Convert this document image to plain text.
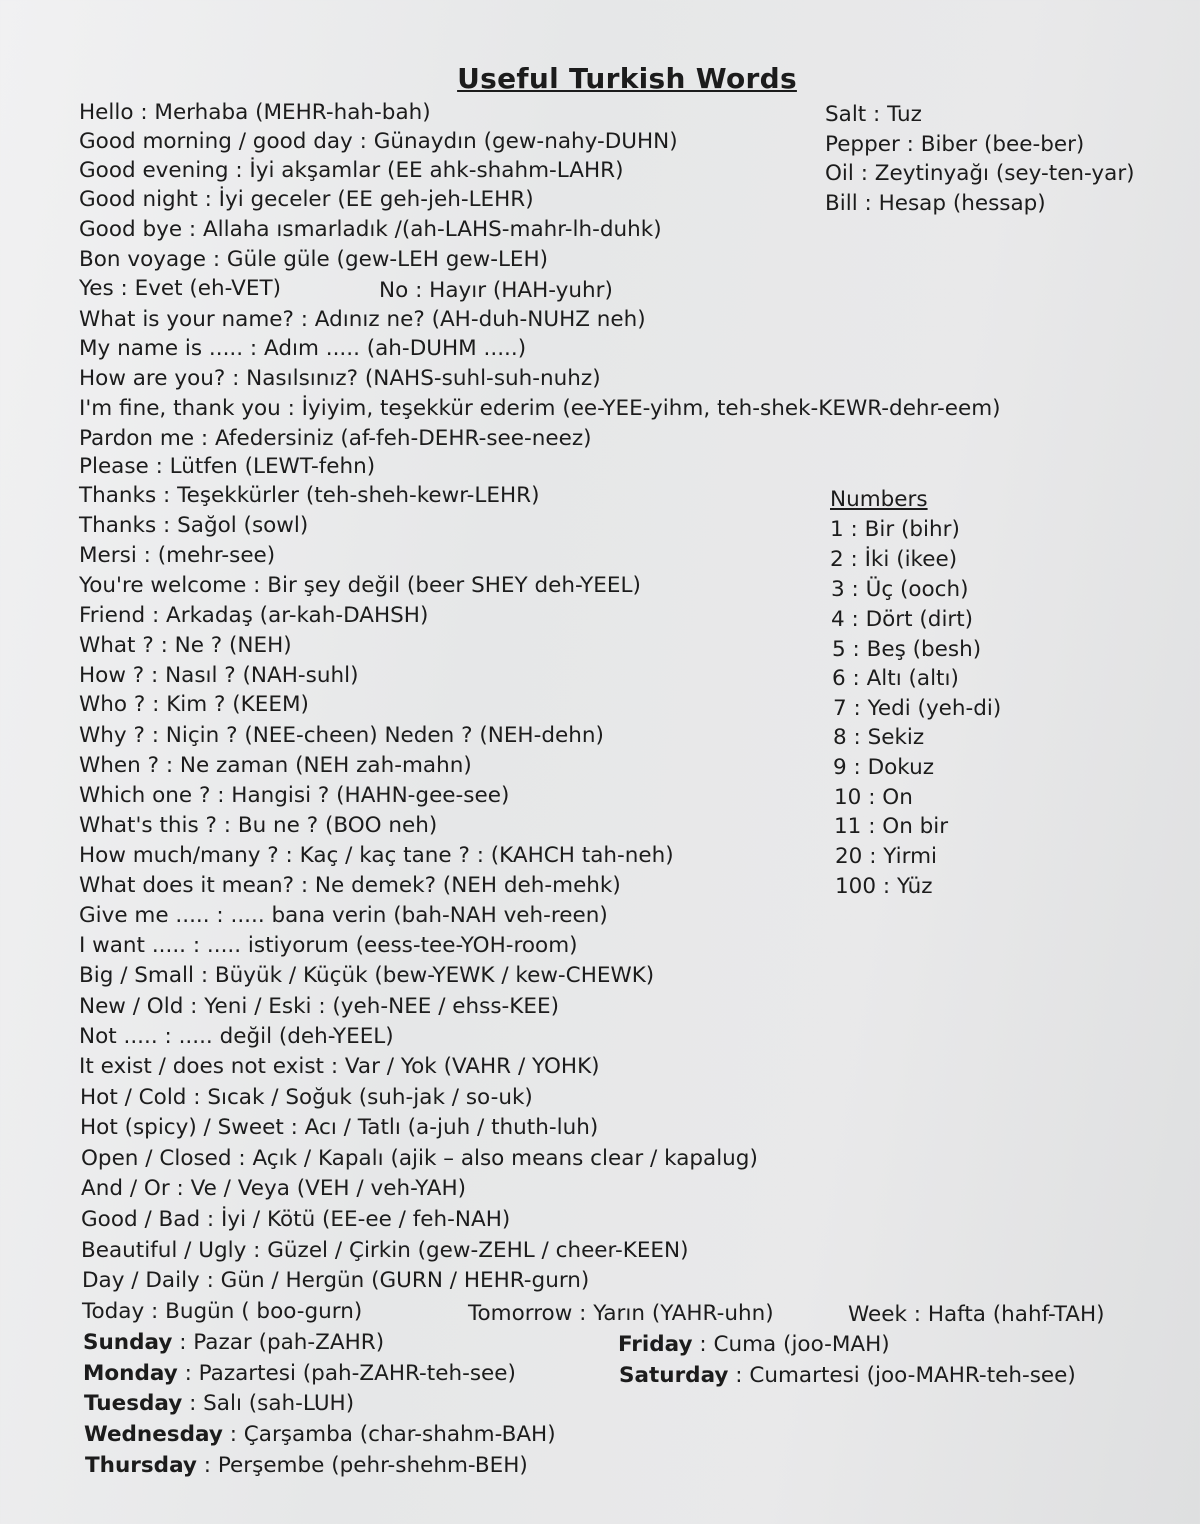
Useful Turkish Words
Hello : Merhaba (MEHR-hah-bah)
Good morning / good day : Günaydın (gew-nahy-DUHN)
Good evening : İyi akşamlar (EE ahk-shahm-LAHR)
Good night : İyi geceler (EE geh-jeh-LEHR)
Good bye : Allaha ısmarladık /(ah-LAHS-mahr-lh-duhk)
Bon voyage : Güle güle (gew-LEH gew-LEH)
Yes : Evet (eh-VET)	No : Hayır (HAH-yuhr)
What is your name? : Adınız ne? (AH-duh-NUHZ neh)
My name is ..... : Adım ..... (ah-DUHM .....)
How are you? : Nasılsınız? (NAHS-suhl-suh-nuhz)
I'm fine, thank you : İyiyim, teşekkür ederim (ee-YEE-yihm, teh-shek-KEWR-dehr-eem)
Pardon me : Afedersiniz (af-feh-DEHR-see-neez)
Please : Lütfen (LEWT-fehn)
Thanks : Teşekkürler (teh-sheh-kewr-LEHR)
Thanks : Sağol (sowl)
Mersi : (mehr-see)
You're welcome : Bir şey değil (beer SHEY deh-YEEL)
Friend : Arkadaş (ar-kah-DAHSH)
What ? : Ne ? (NEH)
How ? : Nasıl ? (NAH-suhl)
Who ? : Kim ? (KEEM)
Why ? : Niçin ? (NEE-cheen) Neden ? (NEH-dehn)
When ? : Ne zaman (NEH zah-mahn)
Which one ? : Hangisi ? (HAHN-gee-see)
What's this ? : Bu ne ? (BOO neh)
How much/many ? : Kaç / kaç tane ? : (KAHCH tah-neh)
What does it mean? : Ne demek? (NEH deh-mehk)
Give me ..... : ..... bana verin (bah-NAH veh-reen)
I want ..... : ..... istiyorum (eess-tee-YOH-room)
Big / Small : Büyük / Küçük (bew-YEWK / kew-CHEWK)
New / Old : Yeni / Eski : (yeh-NEE / ehss-KEE)
Not ..... : ..... değil (deh-YEEL)
It exist / does not exist : Var / Yok (VAHR / YOHK)
Hot / Cold : Sıcak / Soğuk (suh-jak / so-uk)
Hot (spicy) / Sweet : Acı / Tatlı (a-juh / thuth-luh)
Open / Closed : Açık / Kapalı (ajik – also means clear / kapalug)
And / Or : Ve / Veya (VEH / veh-YAH)
Good / Bad : İyi / Kötü (EE-ee / feh-NAH)
Beautiful / Ugly : Güzel / Çirkin (gew-ZEHL / cheer-KEEN)
Day / Daily : Gün / Hergün (GURN / HEHR-gurn)
Today : Bugün ( boo-gurn)	Tomorrow : Yarın (YAHR-uhn)	Week : Hafta (hahf-TAH)
Salt : Tuz
Pepper : Biber (bee-ber)
Oil : Zeytinyağı (sey-ten-yar)
Bill : Hesap (hessap)
Numbers
1 : Bir (bihr)
2 : İki (ikee)
3 : Üç (ooch)
4 : Dört (dirt)
5 : Beş (besh)
6 : Altı (altı)
7 : Yedi (yeh-di)
8 : Sekiz
9 : Dokuz
10 : On
11 : On bir
20 : Yirmi
100 : Yüz
Sunday : Pazar (pah-ZAHR)
Monday : Pazartesi (pah-ZAHR-teh-see)
Tuesday : Salı (sah-LUH)
Wednesday : Çarşamba (char-shahm-BAH)
Thursday : Perşembe (pehr-shehm-BEH)
Friday : Cuma (joo-MAH)
Saturday : Cumartesi (joo-MAHR-teh-see)
